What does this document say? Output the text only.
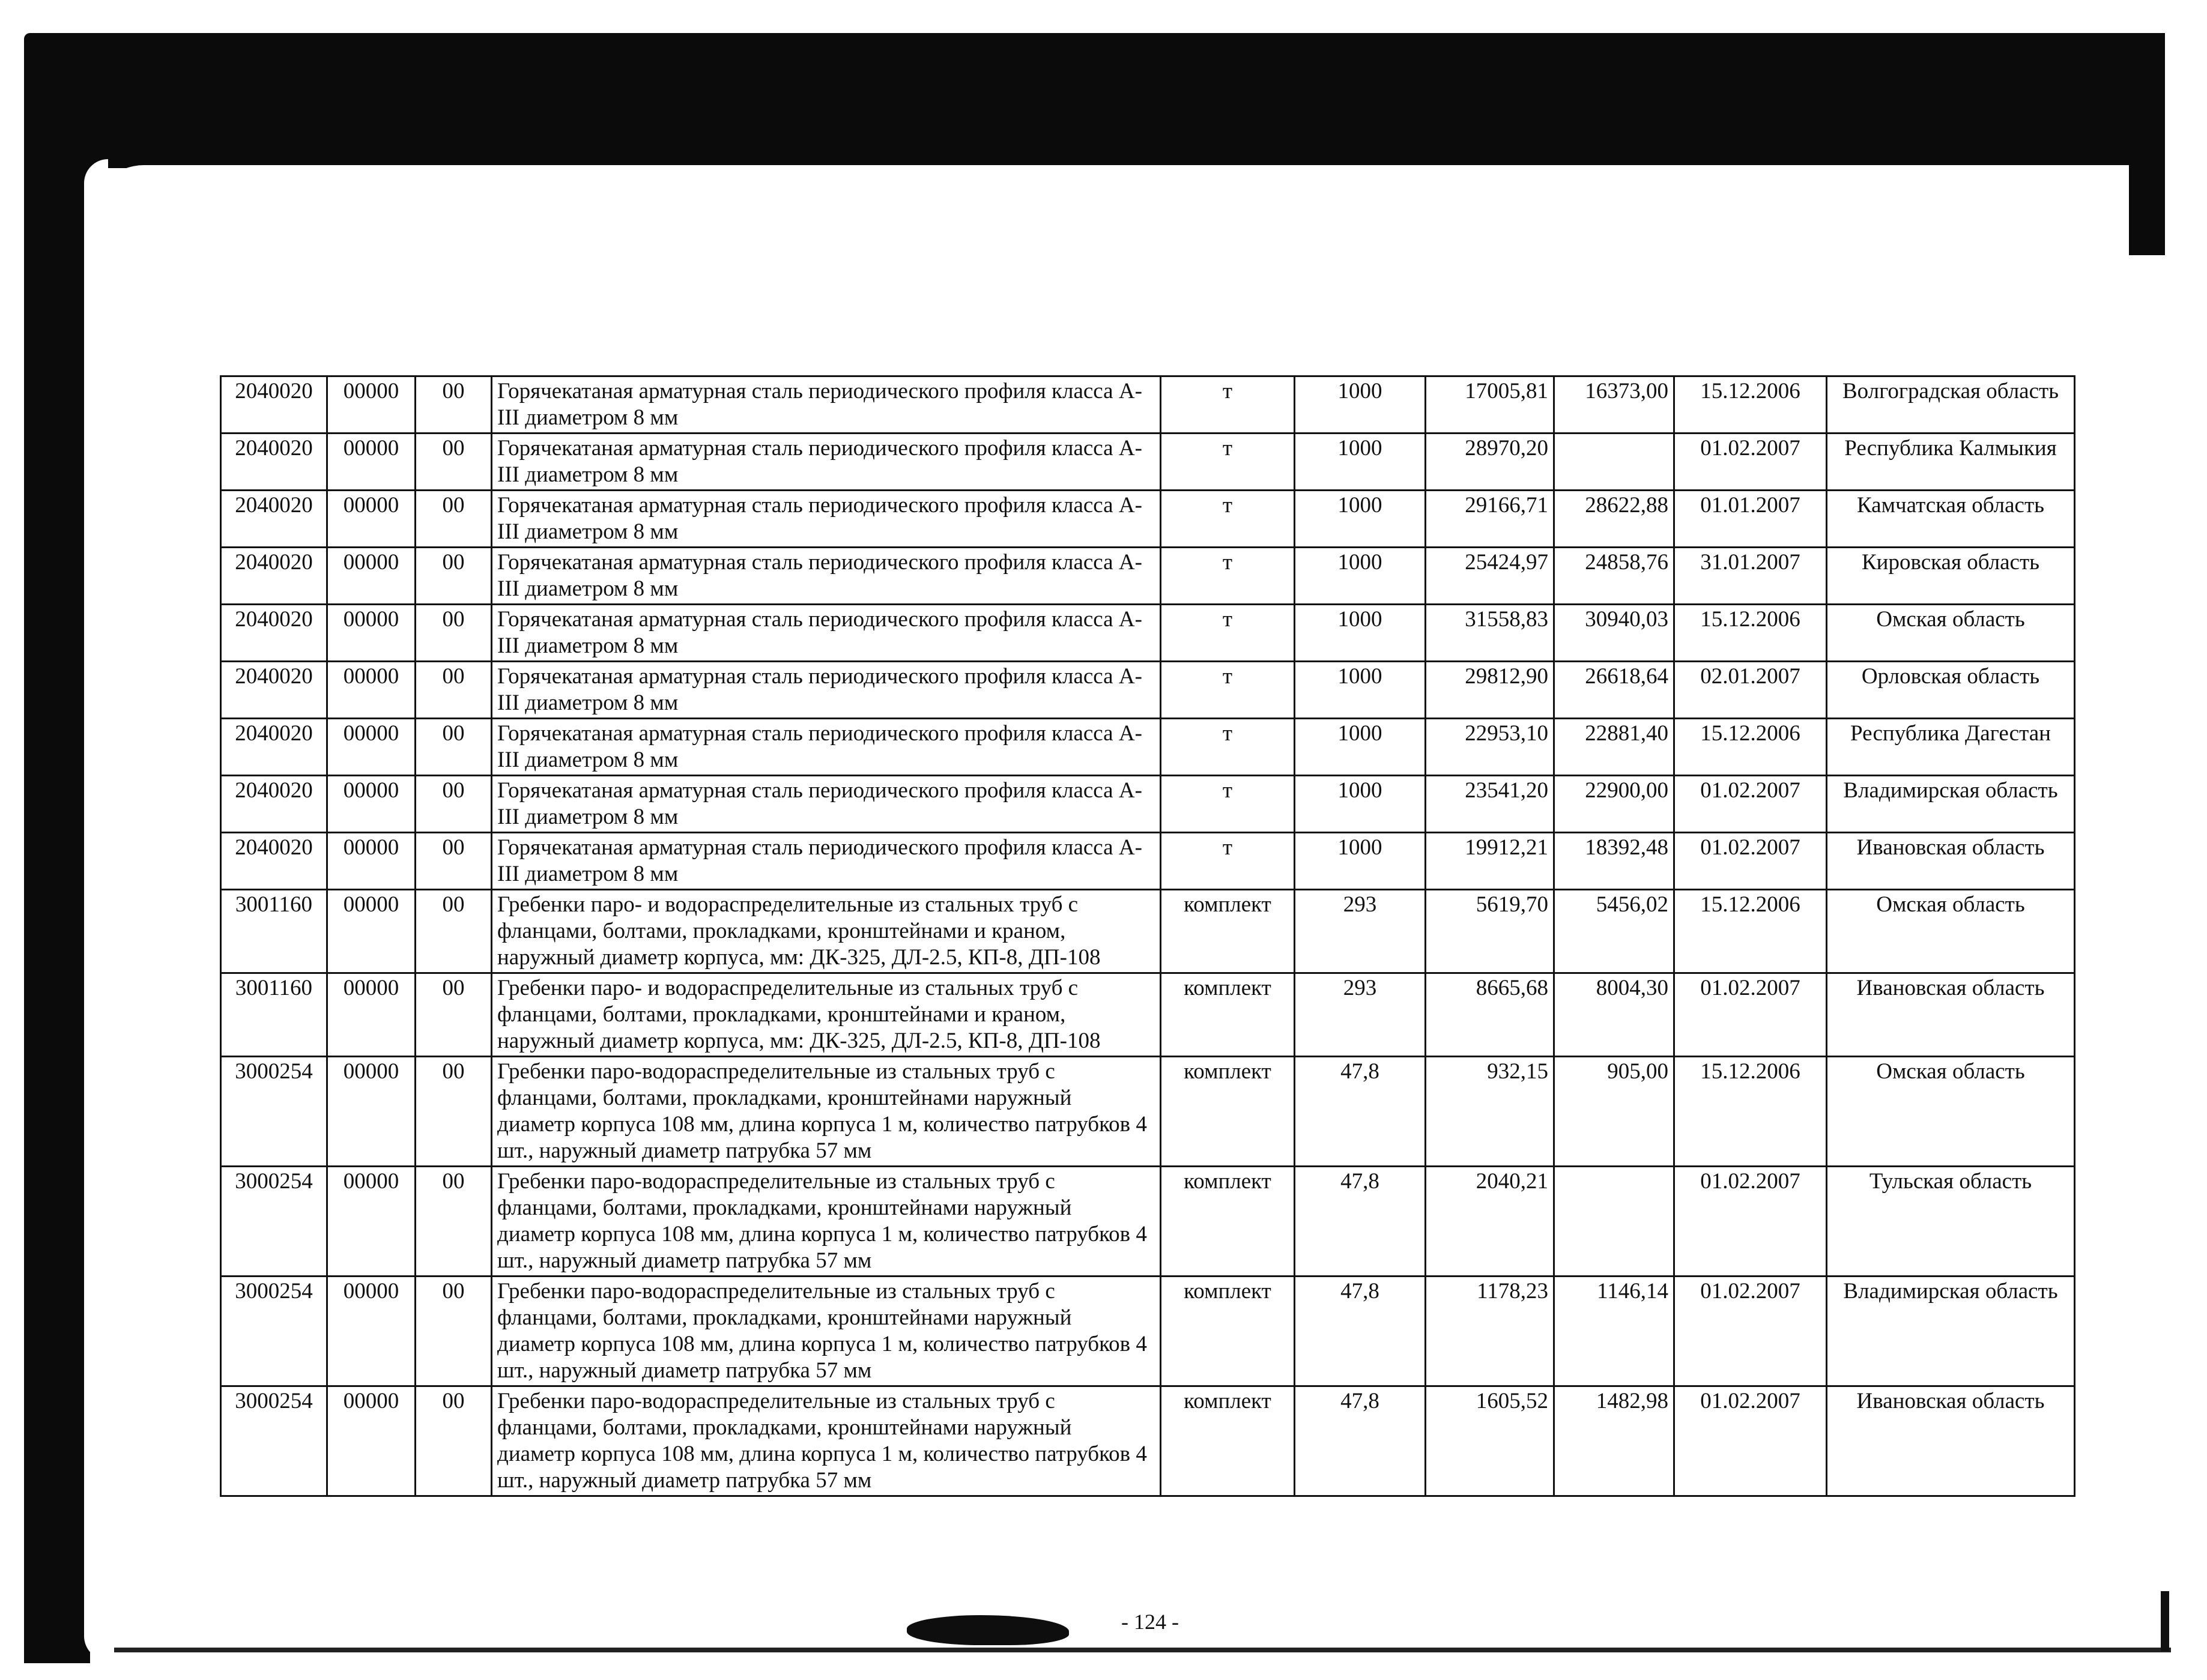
2040020	00000	00	Горячекатаная арматурная сталь периодического профиля класса А-III диаметром 8 мм	т	1000	17005,81	16373,00	15.12.2006	Волгоградская область
2040020	00000	00	Горячекатаная арматурная сталь периодического профиля класса А-III диаметром 8 мм	т	1000	28970,20		01.02.2007	Республика Калмыкия
2040020	00000	00	Горячекатаная арматурная сталь периодического профиля класса А-III диаметром 8 мм	т	1000	29166,71	28622,88	01.01.2007	Камчатская область
2040020	00000	00	Горячекатаная арматурная сталь периодического профиля класса А-III диаметром 8 мм	т	1000	25424,97	24858,76	31.01.2007	Кировская область
2040020	00000	00	Горячекатаная арматурная сталь периодического профиля класса А-III диаметром 8 мм	т	1000	31558,83	30940,03	15.12.2006	Омская область
2040020	00000	00	Горячекатаная арматурная сталь периодического профиля класса А-III диаметром 8 мм	т	1000	29812,90	26618,64	02.01.2007	Орловская область
2040020	00000	00	Горячекатаная арматурная сталь периодического профиля класса А-III диаметром 8 мм	т	1000	22953,10	22881,40	15.12.2006	Республика Дагестан
2040020	00000	00	Горячекатаная арматурная сталь периодического профиля класса А-III диаметром 8 мм	т	1000	23541,20	22900,00	01.02.2007	Владимирская область
2040020	00000	00	Горячекатаная арматурная сталь периодического профиля класса А-III диаметром 8 мм	т	1000	19912,21	18392,48	01.02.2007	Ивановская область
3001160	00000	00	Гребенки паро- и водораспределительные из стальных труб с фланцами, болтами, прокладками, кронштейнами и краном, наружный диаметр корпуса, мм: ДК-325, ДЛ-2.5, КП-8, ДП-108	комплект	293	5619,70	5456,02	15.12.2006	Омская область
3001160	00000	00	Гребенки паро- и водораспределительные из стальных труб с фланцами, болтами, прокладками, кронштейнами и краном, наружный диаметр корпуса, мм: ДК-325, ДЛ-2.5, КП-8, ДП-108	комплект	293	8665,68	8004,30	01.02.2007	Ивановская область
3000254	00000	00	Гребенки паро-водораспределительные из стальных труб с фланцами, болтами, прокладками, кронштейнами наружный диаметр корпуса 108 мм, длина корпуса 1 м, количество патрубков 4 шт., наружный диаметр патрубка 57 мм	комплект	47,8	932,15	905,00	15.12.2006	Омская область
3000254	00000	00	Гребенки паро-водораспределительные из стальных труб с фланцами, болтами, прокладками, кронштейнами наружный диаметр корпуса 108 мм, длина корпуса 1 м, количество патрубков 4 шт., наружный диаметр патрубка 57 мм	комплект	47,8	2040,21		01.02.2007	Тульская область
3000254	00000	00	Гребенки паро-водораспределительные из стальных труб с фланцами, болтами, прокладками, кронштейнами наружный диаметр корпуса 108 мм, длина корпуса 1 м, количество патрубков 4 шт., наружный диаметр патрубка 57 мм	комплект	47,8	1178,23	1146,14	01.02.2007	Владимирская область
3000254	00000	00	Гребенки паро-водораспределительные из стальных труб с фланцами, болтами, прокладками, кронштейнами наружный диаметр корпуса 108 мм, длина корпуса 1 м, количество патрубков 4 шт., наружный диаметр патрубка 57 мм	комплект	47,8	1605,52	1482,98	01.02.2007	Ивановская область
- 124 -
